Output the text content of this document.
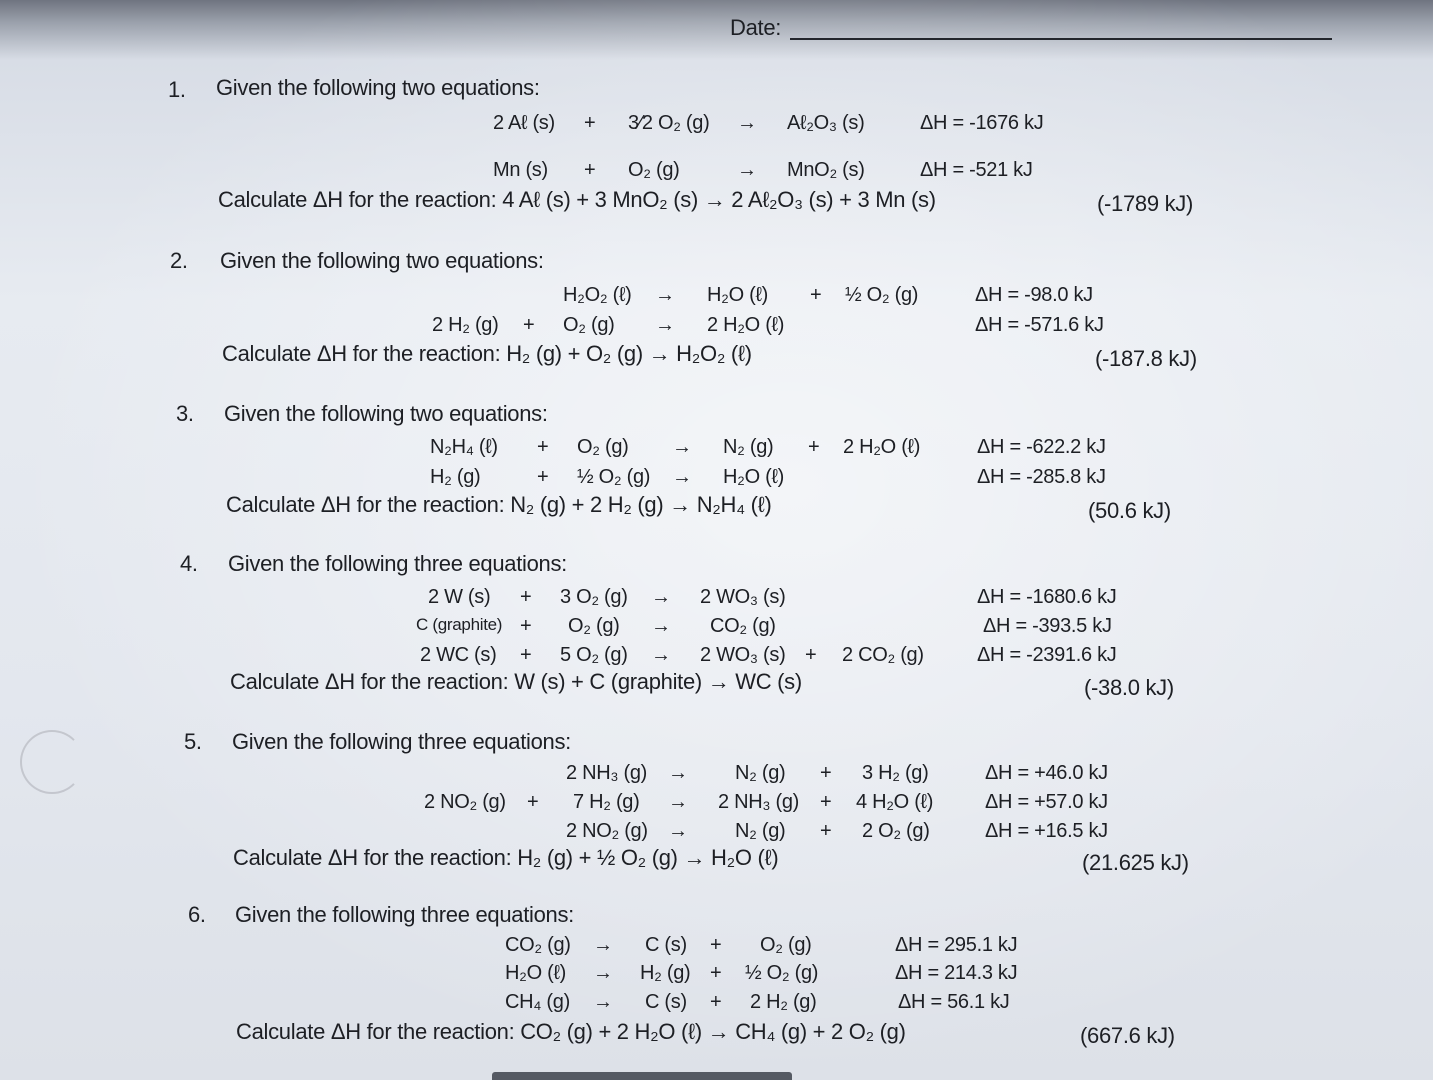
Date:
1. Given the following two equations:
2 Aℓ (s) + 3⁄2 O₂ (g) → Aℓ₂O₃ (s)	ΔH = -1676 kJ
Mn (s) + O₂ (g)	→ MnO₂ (s)	ΔH = -521 kJ
Calculate ΔH for the reaction: 4 Aℓ (s) + 3 MnO₂ (s) → 2 Aℓ₂O₃ (s) + 3 Mn (s)	(-1789 kJ)
2. Given the following two equations:
H₂O₂ (ℓ) → H₂O (ℓ) + ½ O₂ (g)	ΔH = -98.0 kJ
2 H₂ (g) + O₂ (g) → 2 H₂O (ℓ)	ΔH = -571.6 kJ
Calculate ΔH for the reaction: H₂ (g) + O₂ (g) → H₂O₂ (ℓ)	(-187.8 kJ)
3. Given the following two equations:
N₂H₄ (ℓ) + O₂ (g) → N₂ (g) + 2 H₂O (ℓ)	ΔH = -622.2 kJ
H₂ (g)	+ ½ O₂ (g) → H₂O (ℓ)	ΔH = -285.8 kJ
Calculate ΔH for the reaction: N₂ (g) + 2 H₂ (g) → N₂H₄ (ℓ)	(50.6 kJ)
4. Given the following three equations:
2 W (s) + 3 O₂ (g) → 2 WO₃ (s)	ΔH = -1680.6 kJ
C (graphite) + O₂ (g) → CO₂ (g)	ΔH = -393.5 kJ
2 WC (s) + 5 O₂ (g) → 2 WO₃ (s) + 2 CO₂ (g)	ΔH = -2391.6 kJ
Calculate ΔH for the reaction: W (s) + C (graphite) → WC (s)	(-38.0 kJ)
5. Given the following three equations:
2 NH₃ (g) → N₂ (g) + 3 H₂ (g)	ΔH = +46.0 kJ
2 NO₂ (g) + 7 H₂ (g) → 2 NH₃ (g) + 4 H₂O (ℓ)	ΔH = +57.0 kJ
2 NO₂ (g) → N₂ (g) + 2 O₂ (g)	ΔH = +16.5 kJ
Calculate ΔH for the reaction: H₂ (g) + ½ O₂ (g) → H₂O (ℓ)	(21.625 kJ)
6. Given the following three equations:
CO₂ (g) → C (s) + O₂ (g)	ΔH = 295.1 kJ
H₂O (ℓ) → H₂ (g) + ½ O₂ (g)	ΔH = 214.3 kJ
CH₄ (g) → C (s) + 2 H₂ (g)	ΔH = 56.1 kJ
Calculate ΔH for the reaction: CO₂ (g) + 2 H₂O (ℓ) → CH₄ (g) + 2 O₂ (g)	(667.6 kJ)
